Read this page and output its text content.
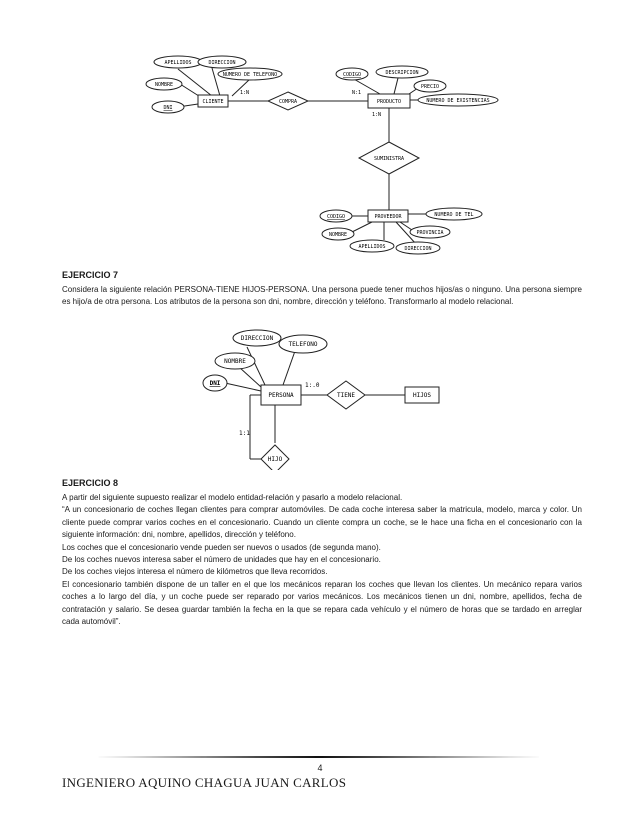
APELLIDOS	DIRECCION
NOMBRE
NUMERO DE TELEFONO
DNI
CLIENTE
1:N
COMPRA
CODIGO	DESCRIPCION
PRECIO
NUMERO DE EXISTENCIAS
PRODUCTO
N:1
1:N
SUMINISTRA
PROVEEDOR
CODIGO	NUMERO DE TEL
NOMBRE	PROVINCIA
APELLIDOS	DIRECCION
EJERCICIO 7

Considera la siguiente relación PERSONA-TIENE HIJOS-PERSONA. Una persona puede tener muchos hijos/as o ninguno. Una persona siempre es hijo/a de otra persona. Los atributos de la persona son dni, nombre, dirección y teléfono. Transformarlo al modelo relacional.

DIRECCION
TELEFONO
NOMBRE
DNI
PERSONA
1:.0
TIENE	HIJOS
1:1
HIJO
EJERCICIO 8

A partir del siguiente supuesto realizar el modelo entidad-relación y pasarlo a modelo relacional.

“A un concesionario de coches llegan clientes para comprar automóviles. De cada coche interesa saber la matricula, modelo, marca y color. Un cliente puede comprar varios coches en el concesionario. Cuando un cliente compra un coche, se le hace una ficha en el concesionario con la siguiente información: dni, nombre, apellidos, dirección y teléfono.

Los coches que el concesionario vende pueden ser nuevos o usados (de segunda mano).

De los coches nuevos interesa saber el número de unidades que hay en el concesionario.

De los coches viejos interesa el número de kilómetros que lleva recorridos.

El concesionario también dispone de un taller en el que los mecánicos reparan los coches que llevan los clientes. Un mecánico repara varios coches a lo largo del día, y un coche puede ser reparado por varios mecánicos. Los mecánicos tienen un dni, nombre, apellidos, fecha de contratación y salario. Se desea guardar también la fecha en la que se repara cada vehículo y el número de horas que se tardado en arreglar cada automóvil”.

4
INGENIERO AQUINO CHAGUA JUAN CARLOS
